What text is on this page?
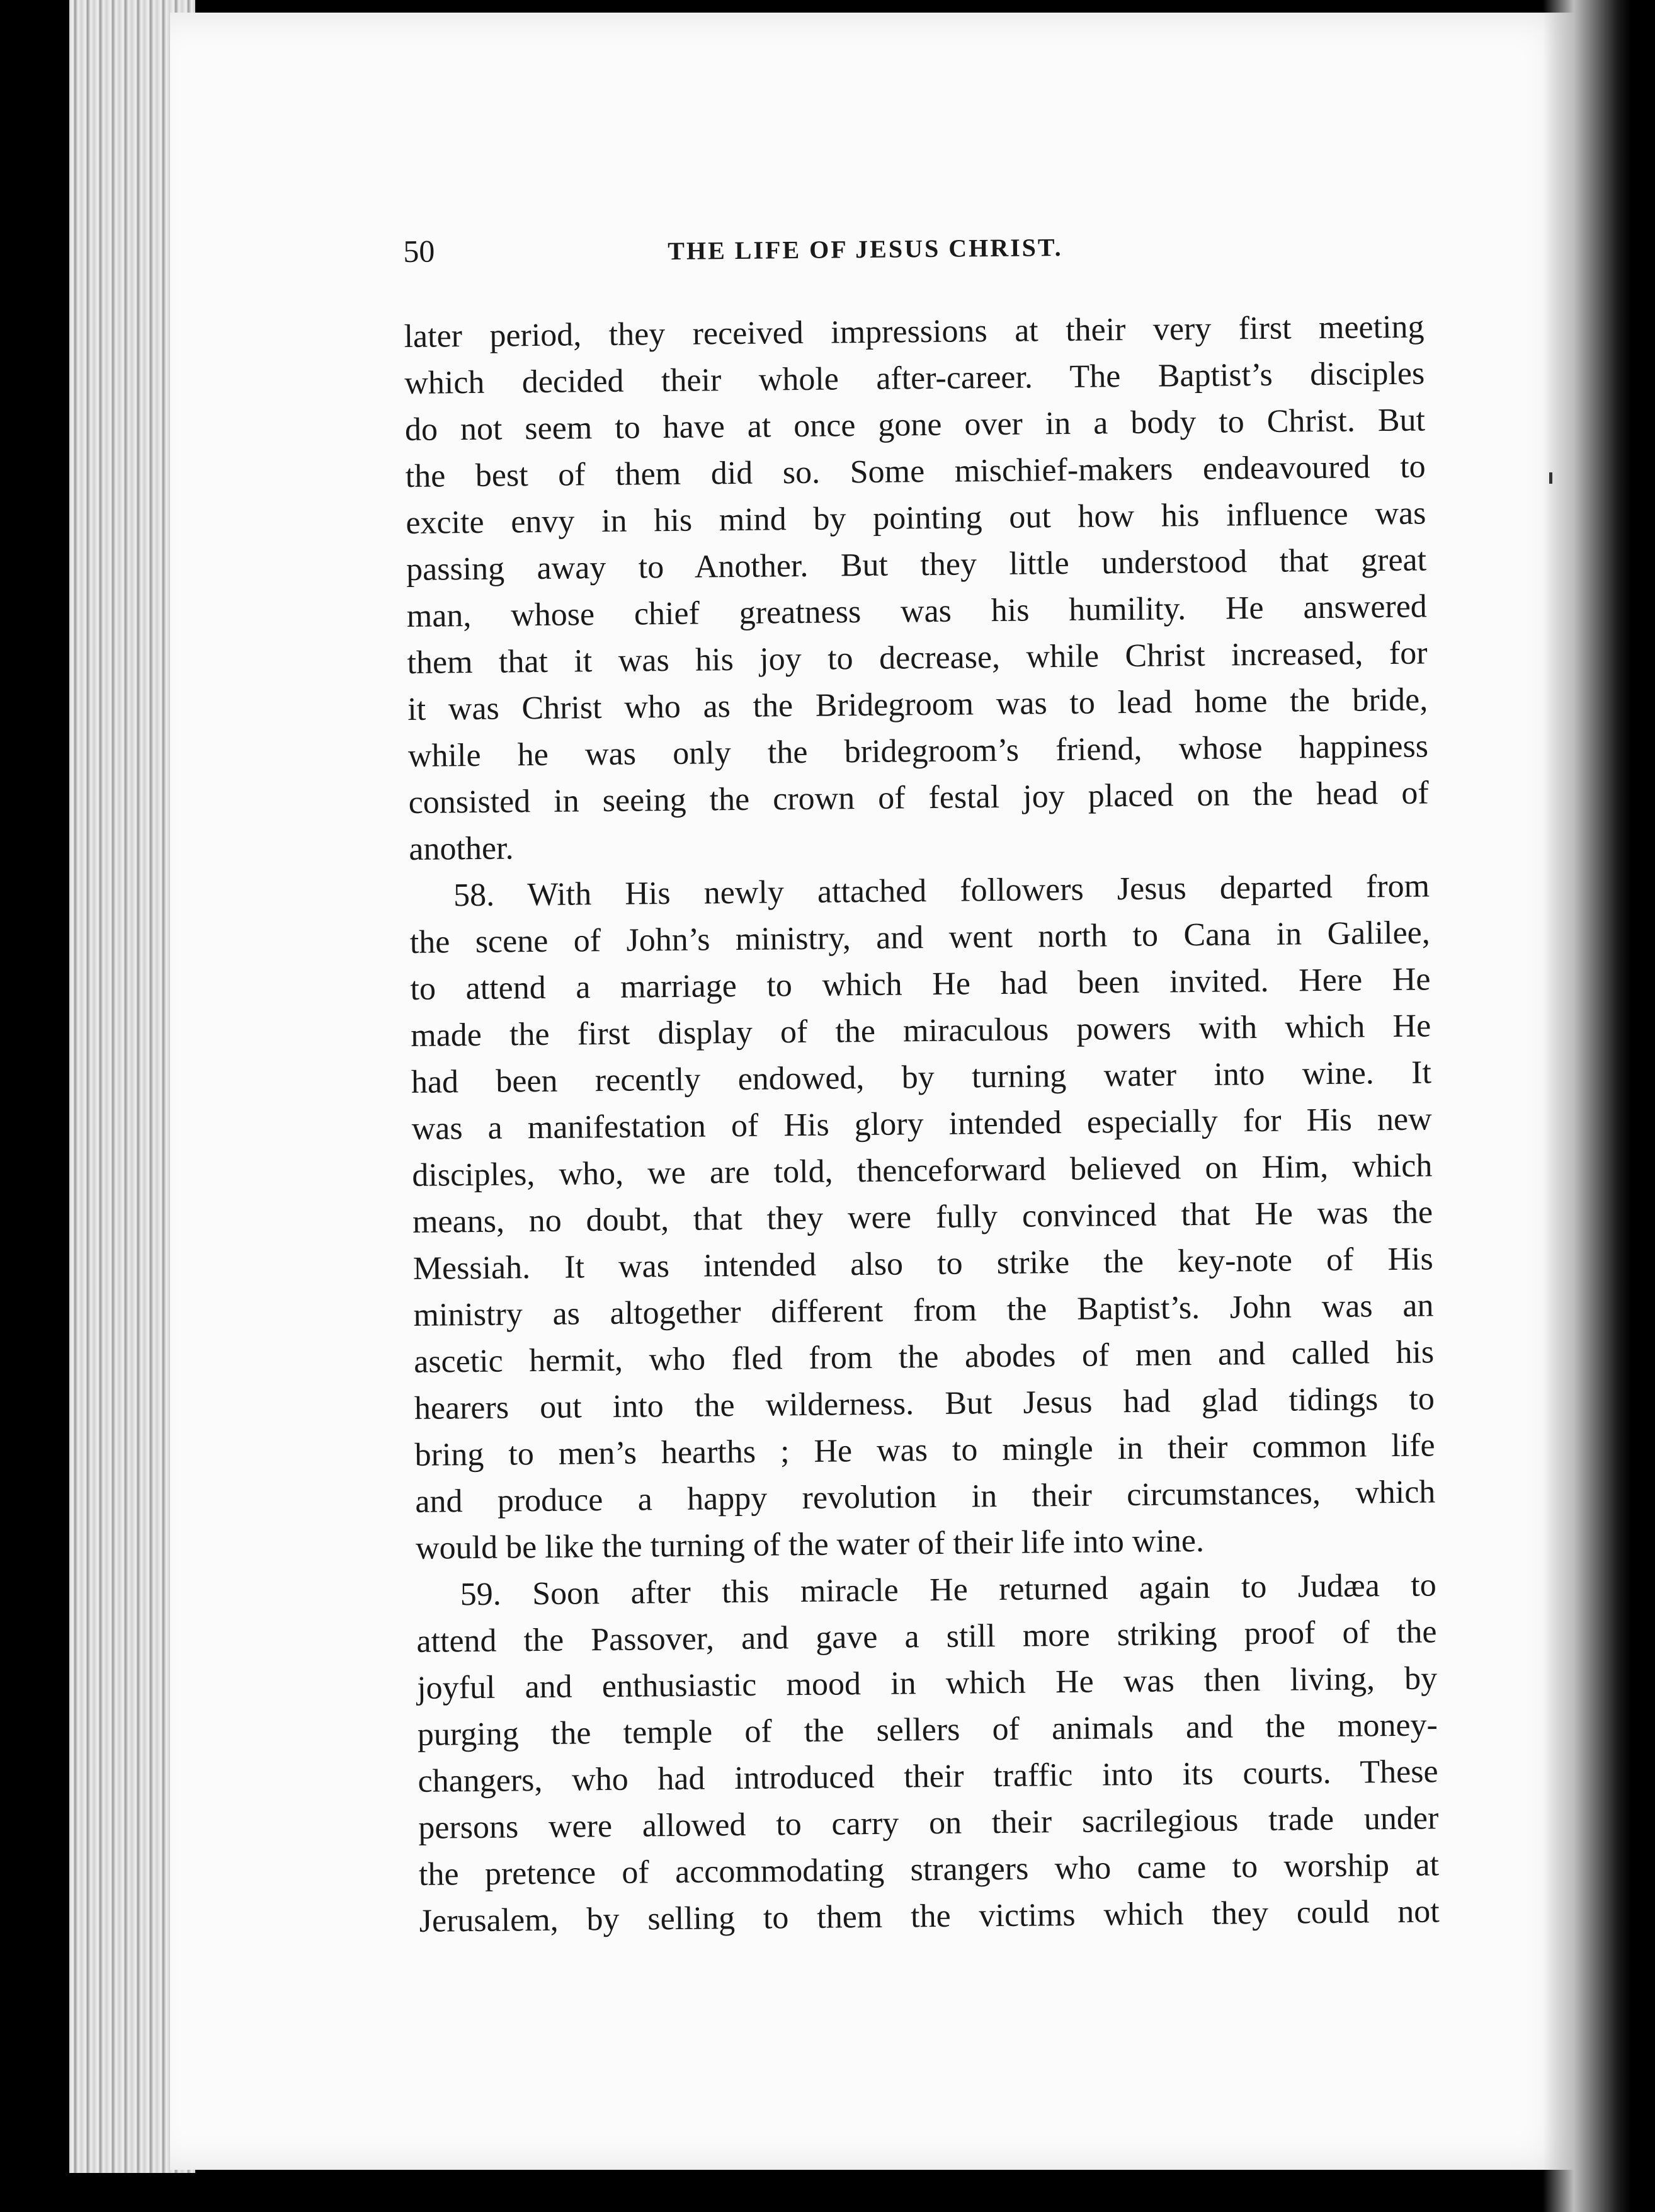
50	THE LIFE OF JESUS CHRIST.
later period, they received impressions at their very first meeting
which decided their whole after-career. The Baptist’s disciples
do not seem to have at once gone over in a body to Christ. But
the best of them did so. Some mischief-makers endeavoured to
excite envy in his mind by pointing out how his influence was
passing away to Another. But they little understood that great
man, whose chief greatness was his humility. He answered
them that it was his joy to decrease, while Christ increased, for
it was Christ who as the Bridegroom was to lead home the bride,
while he was only the bridegroom’s friend, whose happiness
consisted in seeing the crown of festal joy placed on the head of
another.
58. With His newly attached followers Jesus departed from
the scene of John’s ministry, and went north to Cana in Galilee,
to attend a marriage to which He had been invited. Here He
made the first display of the miraculous powers with which He
had been recently endowed, by turning water into wine. It
was a manifestation of His glory intended especially for His new
disciples, who, we are told, thenceforward believed on Him, which
means, no doubt, that they were fully convinced that He was the
Messiah. It was intended also to strike the key-note of His
ministry as altogether different from the Baptist’s. John was an
ascetic hermit, who fled from the abodes of men and called his
hearers out into the wilderness. But Jesus had glad tidings to
bring to men’s hearths ; He was to mingle in their common life
and produce a happy revolution in their circumstances, which
would be like the turning of the water of their life into wine.
59. Soon after this miracle He returned again to Judæa to
attend the Passover, and gave a still more striking proof of the
joyful and enthusiastic mood in which He was then living, by
purging the temple of the sellers of animals and the money-
changers, who had introduced their traffic into its courts. These
persons were allowed to carry on their sacrilegious trade under
the pretence of accommodating strangers who came to worship at
Jerusalem, by selling to them the victims which they could not
